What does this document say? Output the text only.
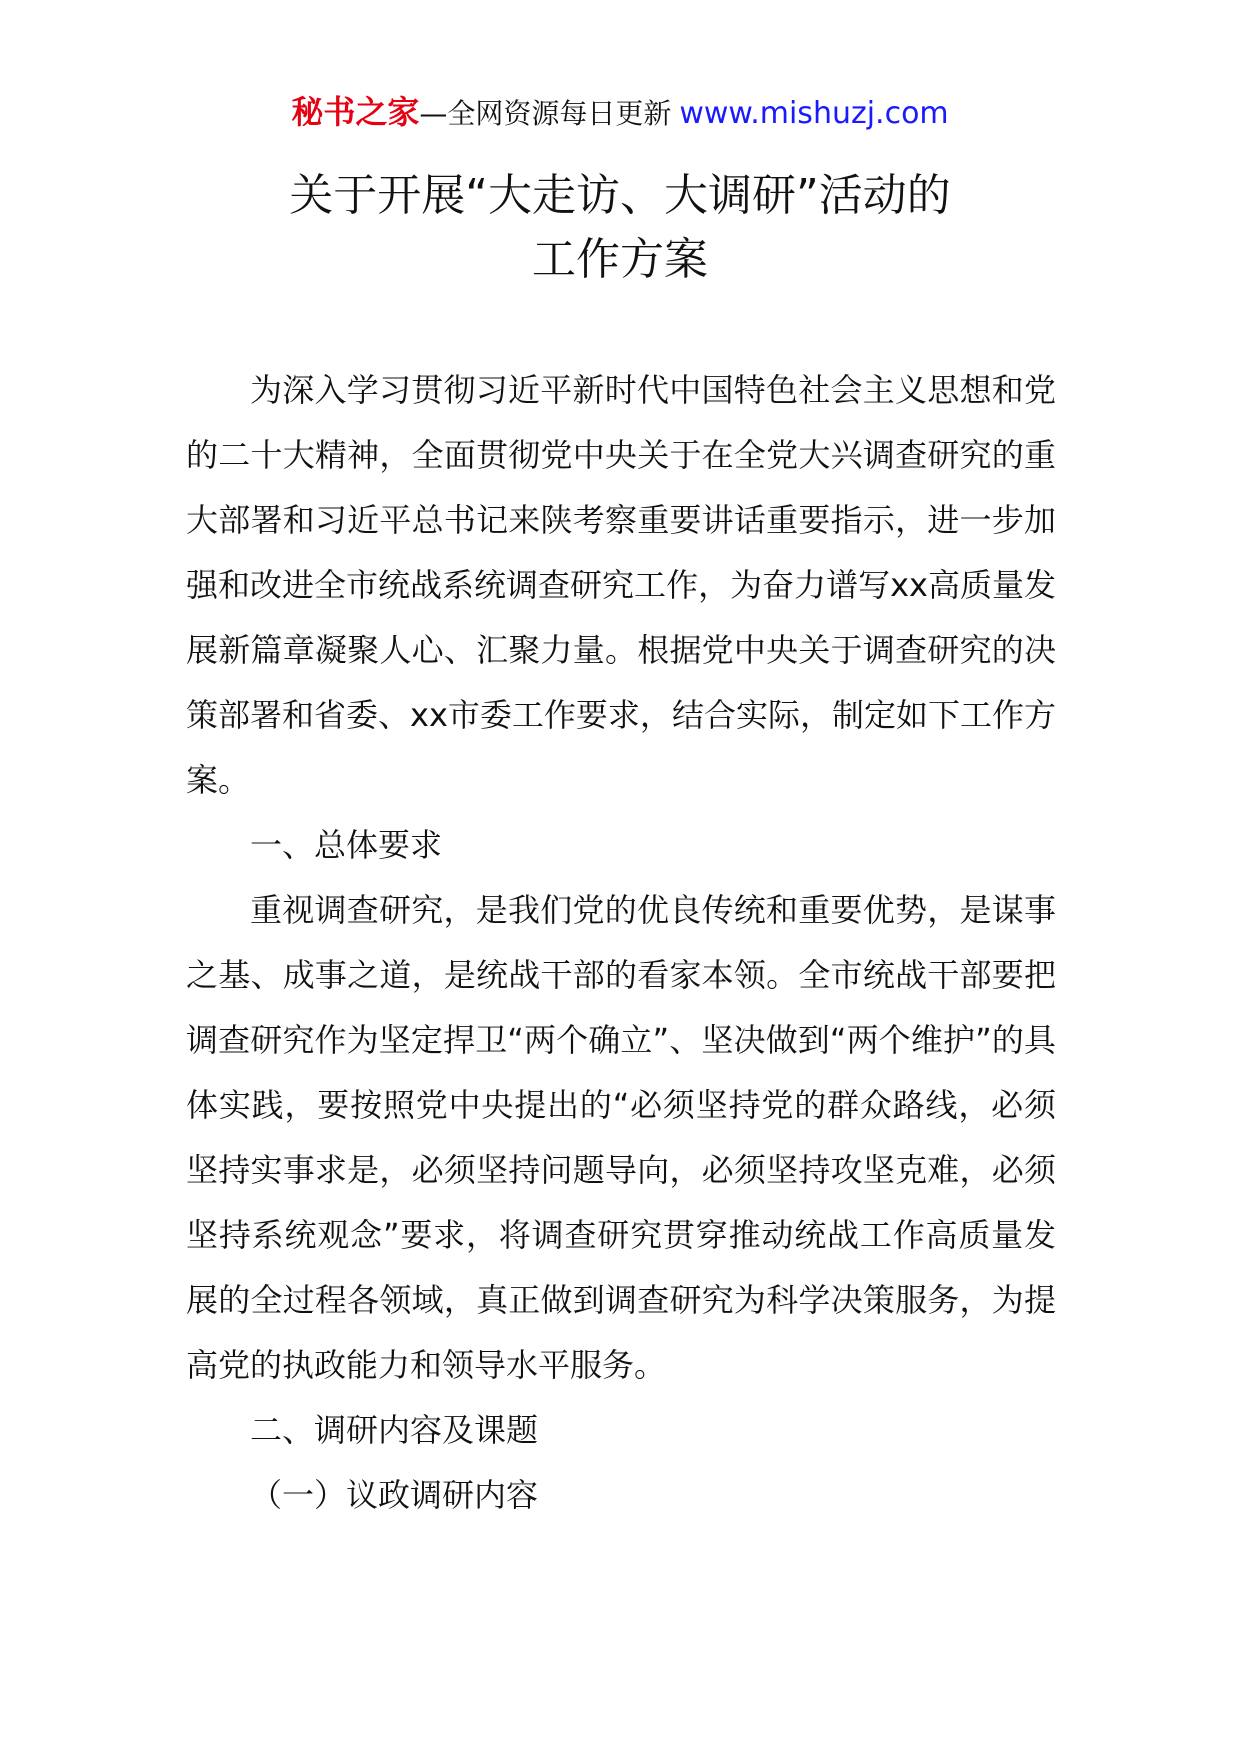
秘书之家—全网资源每日更新 www.mishuzj.com
关于开展“大走访、大调研”活动的
工作方案

为深入学习贯彻习近平新时代中国特色社会主义思想和党的二十大精神，全面贯彻党中央关于在全党大兴调查研究的重大部署和习近平总书记来陕考察重要讲话重要指示，进一步加强和改进全市统战系统调查研究工作，为奋力谱写xx高质量发展新篇章凝聚人心、汇聚力量。根据党中央关于调查研究的决策部署和省委、xx市委工作要求，结合实际，制定如下工作方案。

一、总体要求

重视调查研究，是我们党的优良传统和重要优势，是谋事之基、成事之道，是统战干部的看家本领。全市统战干部要把调查研究作为坚定捍卫“两个确立”、坚决做到“两个维护”的具体实践，要按照党中央提出的“必须坚持党的群众路线，必须坚持实事求是，必须坚持问题导向，必须坚持攻坚克难，必须坚持系统观念”要求，将调查研究贯穿推动统战工作高质量发展的全过程各领域，真正做到调查研究为科学决策服务，为提高党的执政能力和领导水平服务。

二、调研内容及课题

（一）议政调研内容
